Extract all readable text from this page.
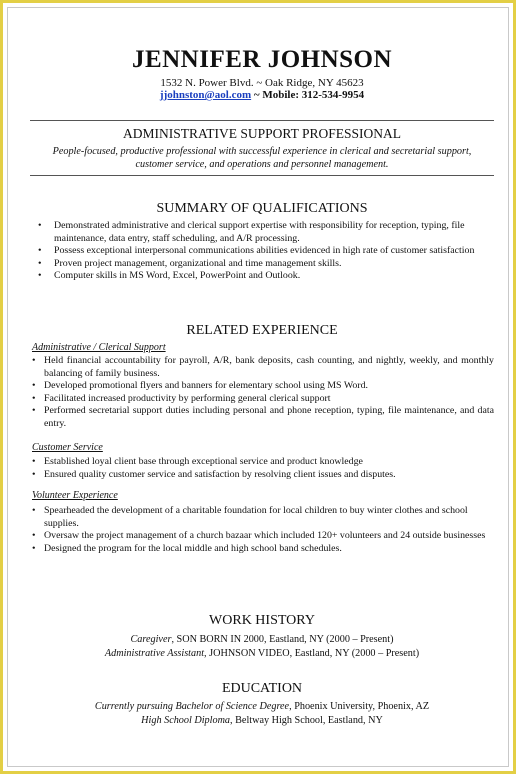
JENNIFER JOHNSON
1532 N. Power Blvd. ~ Oak Ridge, NY 45623
jjohnston@aol.com ~ Mobile: 312-534-9954
ADMINISTRATIVE SUPPORT PROFESSIONAL
People-focused, productive professional with successful experience in clerical and secretarial support, customer service, and operations and personnel management.
SUMMARY OF QUALIFICATIONS
• Demonstrated administrative and clerical support expertise with responsibility for reception, typing, file maintenance, data entry, staff scheduling, and A/R processing.
• Possess exceptional interpersonal communications abilities evidenced in high rate of customer satisfaction
• Proven project management, organizational and time management skills.
• Computer skills in MS Word, Excel, PowerPoint and Outlook.
RELATED EXPERIENCE
Administrative / Clerical Support
• Held financial accountability for payroll, A/R, bank deposits, cash counting, and nightly, weekly, and monthly balancing of family business.
• Developed promotional flyers and banners for elementary school using MS Word.
• Facilitated increased productivity by performing general clerical support
• Performed secretarial support duties including personal and phone reception, typing, file maintenance, and data entry.
Customer Service
• Established loyal client base through exceptional service and product knowledge
• Ensured quality customer service and satisfaction by resolving client issues and disputes.
Volunteer Experience
• Spearheaded the development of a charitable foundation for local children to buy winter clothes and school supplies.
• Oversaw the project management of a church bazaar which included 120+ volunteers and 24 outside businesses
• Designed the program for the local middle and high school band schedules.
WORK HISTORY
Caregiver, SON BORN IN 2000, Eastland, NY (2000 – Present)
Administrative Assistant, JOHNSON VIDEO, Eastland, NY (2000 – Present)
EDUCATION
Currently pursuing Bachelor of Science Degree, Phoenix University, Phoenix, AZ
High School Diploma, Beltway High School, Eastland, NY
